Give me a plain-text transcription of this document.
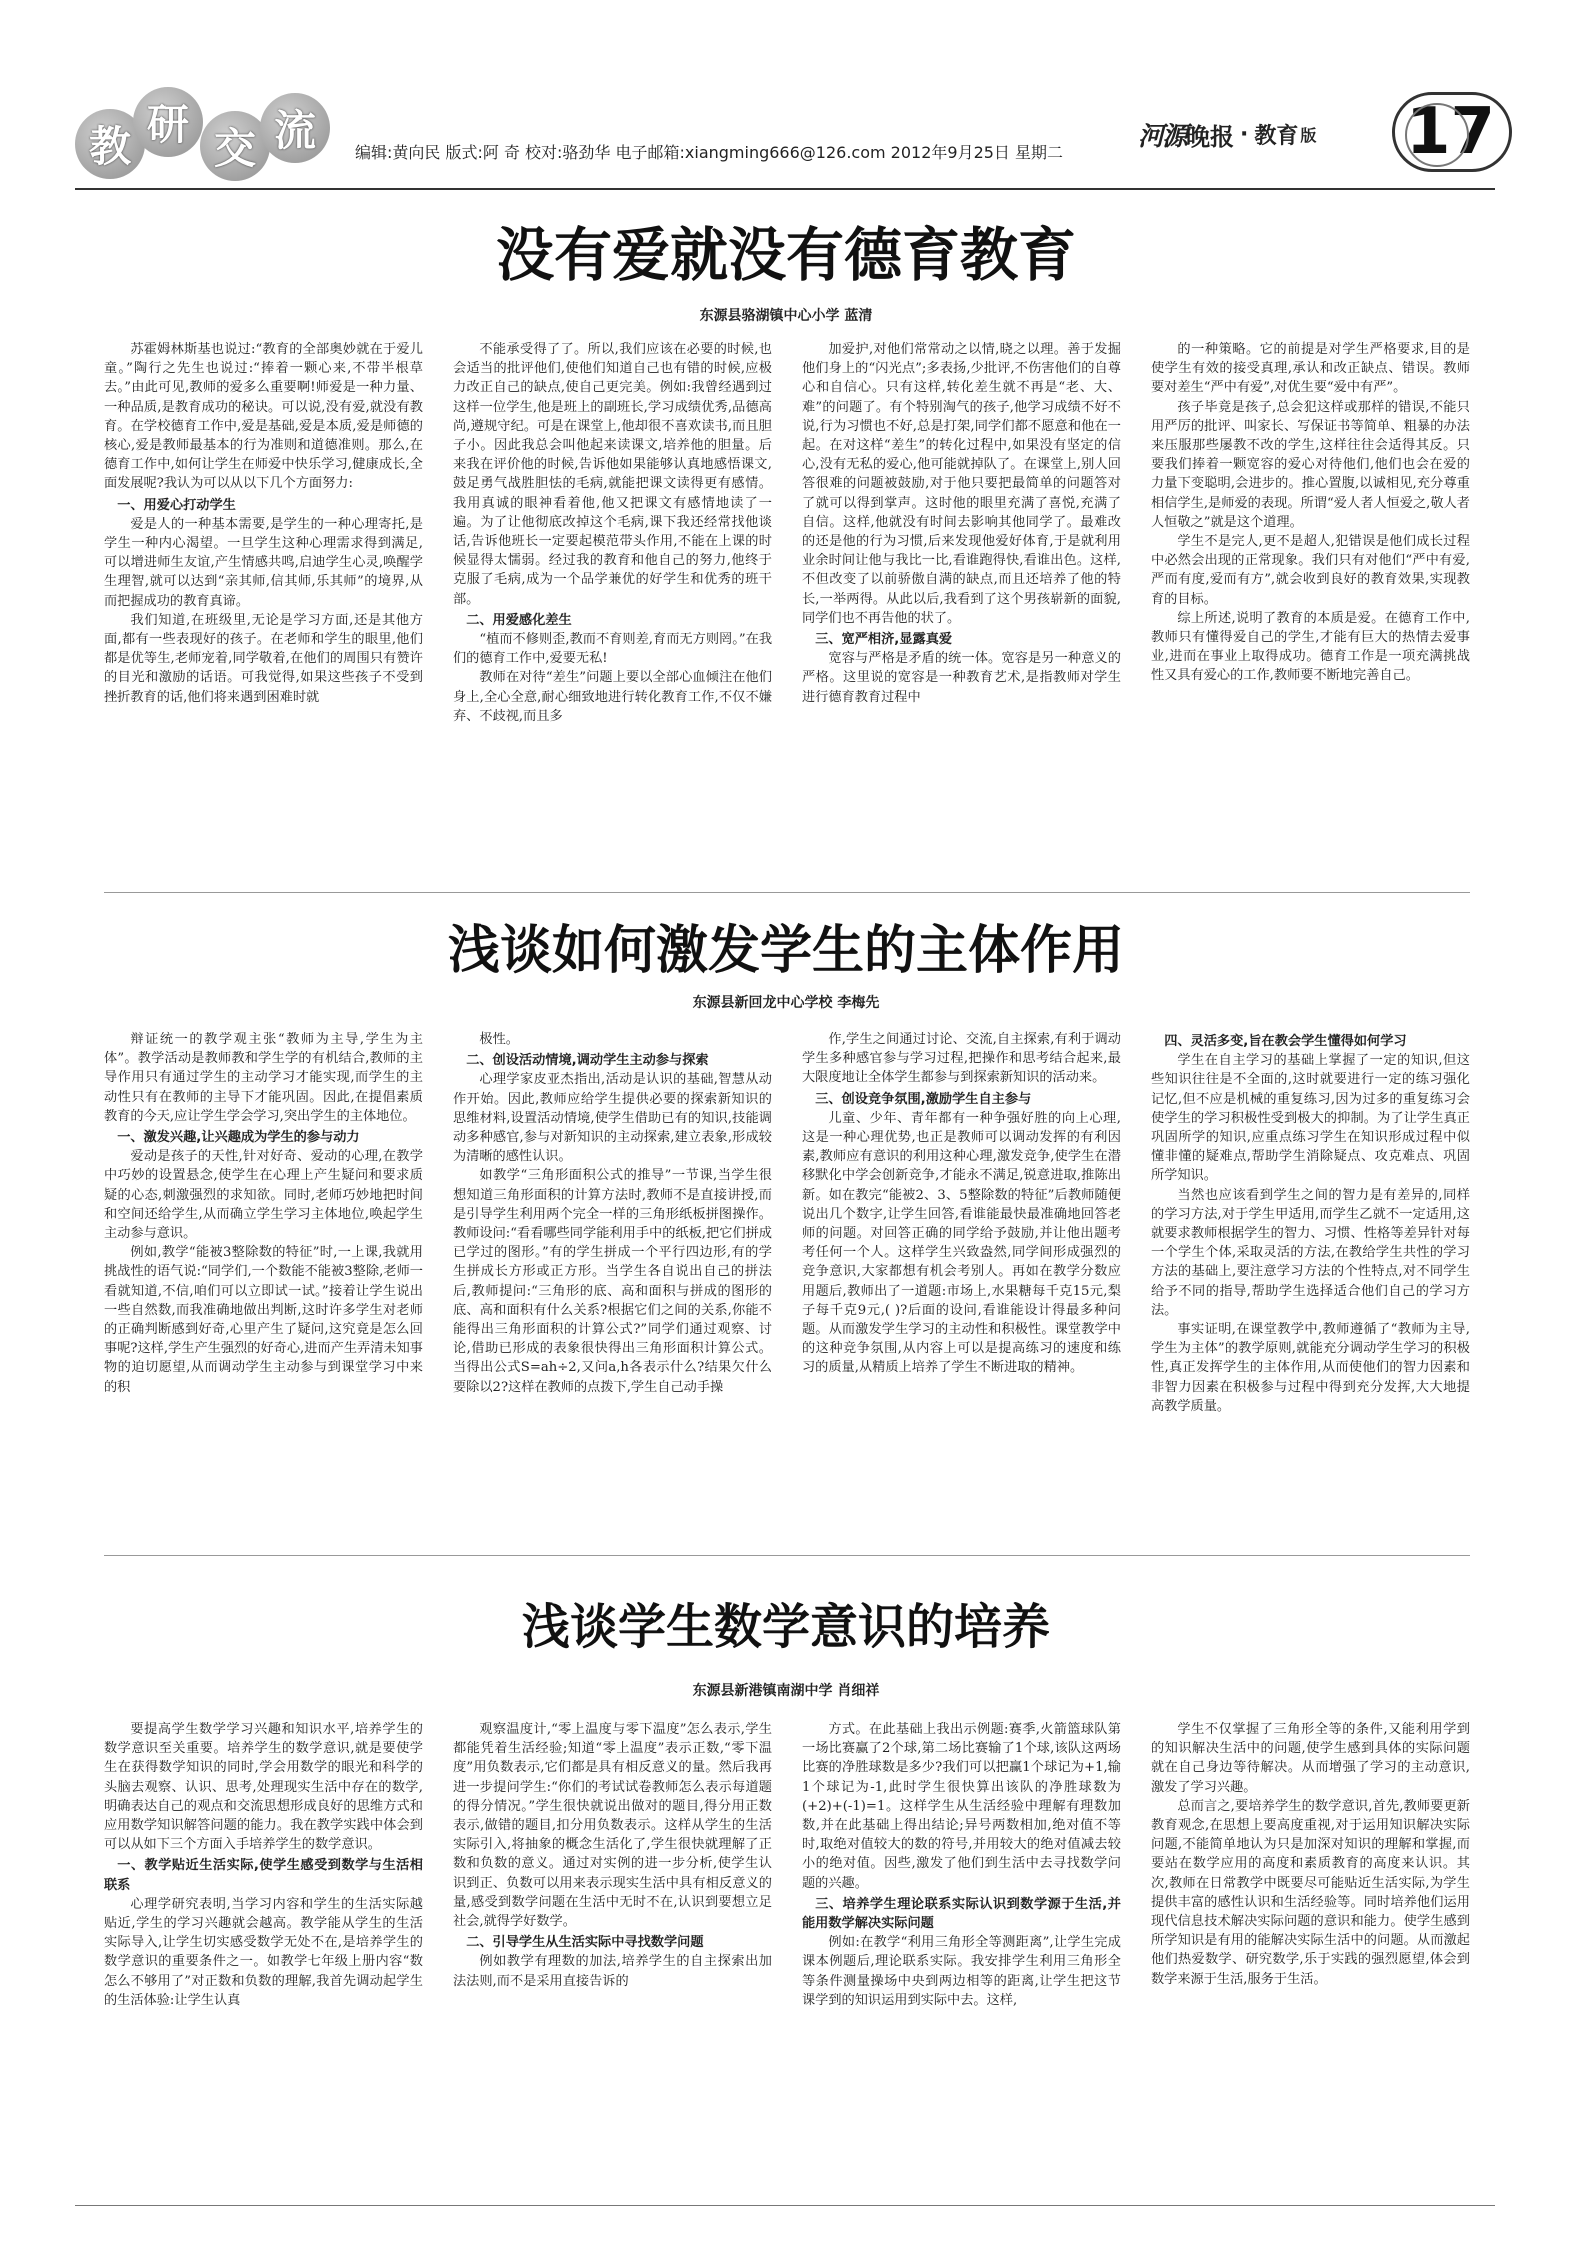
教 研 交 流	编辑:黄向民 版式:阿 奇 校对:骆劲华 电子邮箱:xiangming666@126.com 2012年9月25日 星期二
河源 晚报 · 教育 版 17
没有爱就没有德育教育
东源县骆湖镇中心小学 蓝清

苏霍姆林斯基也说过:“教育的全部奥妙就在于爱儿童。”陶行之先生也说过:“捧着一颗心来,不带半根草去。”由此可见,教师的爱多么重要啊!师爱是一种力量、一种品质,是教育成功的秘诀。可以说,没有爱,就没有教育。在学校德育工作中,爱是基础,爱是本质,爱是师德的核心,爱是教师最基本的行为准则和道德准则。那么,在德育工作中,如何让学生在师爱中快乐学习,健康成长,全面发展呢?我认为可以从以下几个方面努力:

一、用爱心打动学生

爱是人的一种基本需要,是学生的一种心理寄托,是学生一种内心渴望。一旦学生这种心理需求得到满足,可以增进师生友谊,产生情感共鸣,启迪学生心灵,唤醒学生理智,就可以达到“亲其师,信其师,乐其师”的境界,从而把握成功的教育真谛。

我们知道,在班级里,无论是学习方面,还是其他方面,都有一些表现好的孩子。在老师和学生的眼里,他们都是优等生,老师宠着,同学敬着,在他们的周围只有赞许的目光和激励的话语。可我觉得,如果这些孩子不受到挫折教育的话,他们将来遇到困难时就

不能承受得了了。所以,我们应该在必要的时候,也会适当的批评他们,使他们知道自己也有错的时候,应极力改正自己的缺点,使自己更完美。例如:我曾经遇到过这样一位学生,他是班上的副班长,学习成绩优秀,品德高尚,遵规守纪。可是在课堂上,他却很不喜欢读书,而且胆子小。因此我总会叫他起来读课文,培养他的胆量。后来我在评价他的时候,告诉他如果能够认真地感悟课文,鼓足勇气战胜胆怯的毛病,就能把课文读得更有感情。我用真诚的眼神看着他,他又把课文有感情地读了一遍。为了让他彻底改掉这个毛病,课下我还经常找他谈话,告诉他班长一定要起模范带头作用,不能在上课的时候显得太懦弱。经过我的教育和他自己的努力,他终于克服了毛病,成为一个品学兼优的好学生和优秀的班干部。

二、用爱感化差生

“植而不修则歪,教而不育则差,育而无方则罔。”在我们的德育工作中,爱要无私!

教师在对待“差生”问题上要以全部心血倾注在他们身上,全心全意,耐心细致地进行转化教育工作,不仅不嫌弃、不歧视,而且多

加爱护,对他们常常动之以情,晓之以理。善于发掘他们身上的“闪光点”;多表扬,少批评,不伤害他们的自尊心和自信心。只有这样,转化差生就不再是“老、大、难”的问题了。有个特别淘气的孩子,他学习成绩不好不说,行为习惯也不好,总是打架,同学们都不愿意和他在一起。在对这样“差生”的转化过程中,如果没有坚定的信心,没有无私的爱心,他可能就掉队了。在课堂上,别人回答很难的问题被鼓励,对于他只要把最简单的问题答对了就可以得到掌声。这时他的眼里充满了喜悦,充满了自信。这样,他就没有时间去影响其他同学了。最难改的还是他的行为习惯,后来发现他爱好体育,于是就利用业余时间让他与我比一比,看谁跑得快,看谁出色。这样,不但改变了以前骄傲自满的缺点,而且还培养了他的特长,一举两得。从此以后,我看到了这个男孩崭新的面貌,同学们也不再告他的状了。

三、宽严相济,显露真爱

宽容与严格是矛盾的统一体。宽容是另一种意义的严格。这里说的宽容是一种教育艺术,是指教师对学生进行德育教育过程中

的一种策略。它的前提是对学生严格要求,目的是使学生有效的接受真理,承认和改正缺点、错误。教师要对差生“严中有爱”,对优生要“爱中有严”。

孩子毕竟是孩子,总会犯这样或那样的错误,不能只用严厉的批评、叫家长、写保证书等简单、粗暴的办法来压服那些屡教不改的学生,这样往往会适得其反。只要我们捧着一颗宽容的爱心对待他们,他们也会在爱的力量下变聪明,会进步的。推心置腹,以诚相见,充分尊重相信学生,是师爱的表现。所谓“爱人者人恒爱之,敬人者人恒敬之”就是这个道理。

学生不是完人,更不是超人,犯错误是他们成长过程中必然会出现的正常现象。我们只有对他们“严中有爱,严而有度,爱而有方”,就会收到良好的教育效果,实现教育的目标。

综上所述,说明了教育的本质是爱。在德育工作中,教师只有懂得爱自己的学生,才能有巨大的热情去爱事业,进而在事业上取得成功。德育工作是一项充满挑战性又具有爱心的工作,教师要不断地完善自己。

浅谈如何激发学生的主体作用
东源县新回龙中心学校 李梅先

辩证统一的教学观主张“教师为主导,学生为主体”。教学活动是教师教和学生学的有机结合,教师的主导作用只有通过学生的主动学习才能实现,而学生的主动性只有在教师的主导下才能巩固。因此,在提倡素质教育的今天,应让学生学会学习,突出学生的主体地位。

一、激发兴趣,让兴趣成为学生的参与动力

爱动是孩子的天性,针对好奇、爱动的心理,在教学中巧妙的设置悬念,使学生在心理上产生疑问和要求质疑的心态,刺激强烈的求知欲。同时,老师巧妙地把时间和空间还给学生,从而确立学生学习主体地位,唤起学生主动参与意识。

例如,教学“能被3整除数的特征”时,一上课,我就用挑战性的语气说:“同学们,一个数能不能被3整除,老师一看就知道,不信,咱们可以立即试一试。”接着让学生说出一些自然数,而我准确地做出判断,这时许多学生对老师的正确判断感到好奇,心里产生了疑问,这究竟是怎么回事呢?这样,学生产生强烈的好奇心,进而产生弄清未知事物的迫切愿望,从而调动学生主动参与到课堂学习中来的积

极性。

二、创设活动情境,调动学生主动参与探索

心理学家皮亚杰指出,活动是认识的基础,智慧从动作开始。因此,教师应给学生提供必要的探索新知识的思维材料,设置活动情境,使学生借助已有的知识,技能调动多种感官,参与对新知识的主动探索,建立表象,形成较为清晰的感性认识。

如教学“三角形面积公式的推导”一节课,当学生很想知道三角形面积的计算方法时,教师不是直接讲授,而是引导学生利用两个完全一样的三角形纸板拼图操作。教师设问:“看看哪些同学能利用手中的纸板,把它们拼成已学过的图形。”有的学生拼成一个平行四边形,有的学生拼成长方形或正方形。当学生各自说出自己的拼法后,教师提问:“三角形的底、高和面积与拼成的图形的底、高和面积有什么关系?根据它们之间的关系,你能不能得出三角形面积的计算公式?”同学们通过观察、讨论,借助已形成的表象很快得出三角形面积计算公式。当得出公式S=ah÷2,又问a,h各表示什么?结果欠什么要除以2?这样在教师的点拨下,学生自己动手操

作,学生之间通过讨论、交流,自主探索,有利于调动学生多种感官参与学习过程,把操作和思考结合起来,最大限度地让全体学生都参与到探索新知识的活动来。

三、创设竞争氛围,激励学生自主参与

儿童、少年、青年都有一种争强好胜的向上心理,这是一种心理优势,也正是教师可以调动发挥的有利因素,教师应有意识的利用这种心理,激发竞争,使学生在潜移默化中学会创新竞争,才能永不满足,锐意进取,推陈出新。如在教完“能被2、3、5整除数的特征”后教师随便说出几个数字,让学生回答,看谁能最快最准确地回答老师的问题。对回答正确的同学给予鼓励,并让他出题考考任何一个人。这样学生兴致盎然,同学间形成强烈的竞争意识,大家都想有机会考别人。再如在教学分数应用题后,教师出了一道题:市场上,水果糖每千克15元,梨子每千克9元,( )?后面的设问,看谁能设计得最多种问题。从而激发学生学习的主动性和积极性。课堂教学中的这种竞争氛围,从内容上可以是提高练习的速度和练习的质量,从精质上培养了学生不断进取的精神。

四、灵活多变,旨在教会学生懂得如何学习

学生在自主学习的基础上掌握了一定的知识,但这些知识往往是不全面的,这时就要进行一定的练习强化记忆,但不应是机械的重复练习,因为过多的重复练习会使学生的学习积极性受到极大的抑制。为了让学生真正巩固所学的知识,应重点练习学生在知识形成过程中似懂非懂的疑难点,帮助学生消除疑点、攻克难点、巩固所学知识。

当然也应该看到学生之间的智力是有差异的,同样的学习方法,对于学生甲适用,而学生乙就不一定适用,这就要求教师根据学生的智力、习惯、性格等差异针对每一个学生个体,采取灵活的方法,在教给学生共性的学习方法的基础上,要注意学习方法的个性特点,对不同学生给予不同的指导,帮助学生选择适合他们自己的学习方法。

事实证明,在课堂教学中,教师遵循了“教师为主导,学生为主体”的教学原则,就能充分调动学生学习的积极性,真正发挥学生的主体作用,从而使他们的智力因素和非智力因素在积极参与过程中得到充分发挥,大大地提高教学质量。

浅谈学生数学意识的培养
东源县新港镇南湖中学 肖细祥

要提高学生数学学习兴趣和知识水平,培养学生的数学意识至关重要。培养学生的数学意识,就是要使学生在获得数学知识的同时,学会用数学的眼光和科学的头脑去观察、认识、思考,处理现实生活中存在的数学,明确表达自己的观点和交流思想形成良好的思维方式和应用数学知识解答问题的能力。我在教学实践中体会到可以从如下三个方面入手培养学生的数学意识。

一、教学贴近生活实际,使学生感受到数学与生活相联系

心理学研究表明,当学习内容和学生的生活实际越贴近,学生的学习兴趣就会越高。教学能从学生的生活实际导入,让学生切实感受数学无处不在,是培养学生的数学意识的重要条件之一。如教学七年级上册内容“数怎么不够用了”对正数和负数的理解,我首先调动起学生的生活体验:让学生认真

观察温度计,“零上温度与零下温度”怎么表示,学生都能凭着生活经验;知道“零上温度”表示正数,“零下温度”用负数表示,它们都是具有相反意义的量。然后我再进一步提问学生:“你们的考试试卷教师怎么表示每道题的得分情况。”学生很快就说出做对的题目,得分用正数表示,做错的题目,扣分用负数表示。这样从学生的生活实际引入,将抽象的概念生活化了,学生很快就理解了正数和负数的意义。通过对实例的进一步分析,使学生认识到正、负数可以用来表示现实生活中具有相反意义的量,感受到数学问题在生活中无时不在,认识到要想立足社会,就得学好数学。

二、引导学生从生活实际中寻找数学问题

例如教学有理数的加法,培养学生的自主探索出加法法则,而不是采用直接告诉的

方式。在此基础上我出示例题:赛季,火箭篮球队第一场比赛赢了2个球,第二场比赛输了1个球,该队这两场比赛的净胜球数是多少?我们可以把赢1个球记为+1,输1个球记为-1,此时学生很快算出该队的净胜球数为(+2)+(-1)=1。这样学生从生活经验中理解有理数加数,并在此基础上得出结论;异号两数相加,绝对值不等时,取绝对值较大的数的符号,并用较大的绝对值减去较小的绝对值。因些,激发了他们到生活中去寻找数学问题的兴趣。

三、培养学生理论联系实际认识到数学源于生活,并能用数学解决实际问题

例如:在教学“利用三角形全等测距离”,让学生完成课本例题后,理论联系实际。我安排学生利用三角形全等条件测量操场中央到两边相等的距离,让学生把这节课学到的知识运用到实际中去。这样,

学生不仅掌握了三角形全等的条件,又能利用学到的知识解决生活中的问题,使学生感到具体的实际问题就在自己身边等待解决。从而增强了学习的主动意识,激发了学习兴趣。

总而言之,要培养学生的数学意识,首先,教师要更新教育观念,在思想上要高度重视,对于运用知识解决实际问题,不能简单地认为只是加深对知识的理解和掌握,而要站在数学应用的高度和素质教育的高度来认识。其次,教师在日常教学中既要尽可能贴近生活实际,为学生提供丰富的感性认识和生活经验等。同时培养他们运用现代信息技术解决实际问题的意识和能力。使学生感到所学知识是有用的能解决实际生活中的问题。从而激起他们热爱数学、研究数学,乐于实践的强烈愿望,体会到数学来源于生活,服务于生活。
